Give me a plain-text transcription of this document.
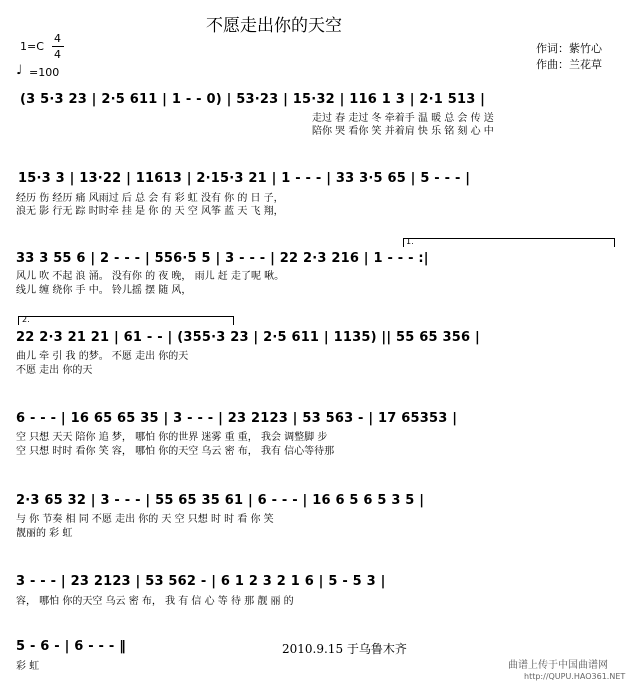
不愿走出你的天空
1=C
4
4
♩ =100
作词：紫竹心
作曲：兰花草
(3 5·3 23 | 2·5 611 | 1 - - 0) | 53·23 | 15·32 | 116 1 3 | 2·1 513 |
走过 春 走过 冬 牵着手 温 暖 总 会 传 送
陪你 哭 看你 笑 并着肩 快 乐 铭 刻 心 中
15·3 3 | 13·22 | 11613 | 2·15·3 21 | 1 - - - | 33 3·5 65 | 5 - - - |
经历 伤 经历 痛 风雨过 后 总 会 有 彩 虹 没有 你 的 日 子，
浪无 影 行无 踪 时时牵 挂 是 你 的 天 空 风筝 蓝 天 飞 翔，
33 3 55 6 | 2 - - - | 556·5 5 | 3 - - - | 22 2·3 216 | 1 - - - :|
风儿 吹 不起 浪 涌。 没有你 的 夜 晚， 雨儿 赶 走了呢 啾。
线儿 缠 绕你 手 中。 铃儿摇 摆 随 风，
1.
2.
22 2·3 21 21 | 61 - - | (355·3 23 | 2·5 611 | 1135) || 55 65 356 |
曲儿 牵 引 我 的梦。 不愿 走出 你的天
不愿 走出 你的天
6 - - - | 16 65 65 35 | 3 - - - | 23 2123 | 53 563 - | 17 65353 |
空 只想 天天 陪你 追 梦， 哪怕 你的世界 迷雾 重 重， 我会 调整脚 步
空 只想 时时 看你 笑 容， 哪怕 你的天空 乌云 密 布， 我有 信心等待那
2·3 65 32 | 3 - - - | 55 65 35 61 | 6 - - - | 16 6 5 6 5 3 5 |
与 你 节奏 相 同 不愿 走出 你的 天 空 只想 时 时 看 你 笑
靓丽的 彩 虹
3 - - - | 23 2123 | 53 562 - | 6 1 2 3 2 1 6 | 5 - 5 3 |
容， 哪怕 你的天空 乌云 密 布， 我 有 信 心 等 待 那 靓 丽 的
5 - 6 - | 6 - - - ‖
彩 虹
2010.9.15 于乌鲁木齐
曲谱上传于中国曲谱网
http://QUPU.HAO361.NET
